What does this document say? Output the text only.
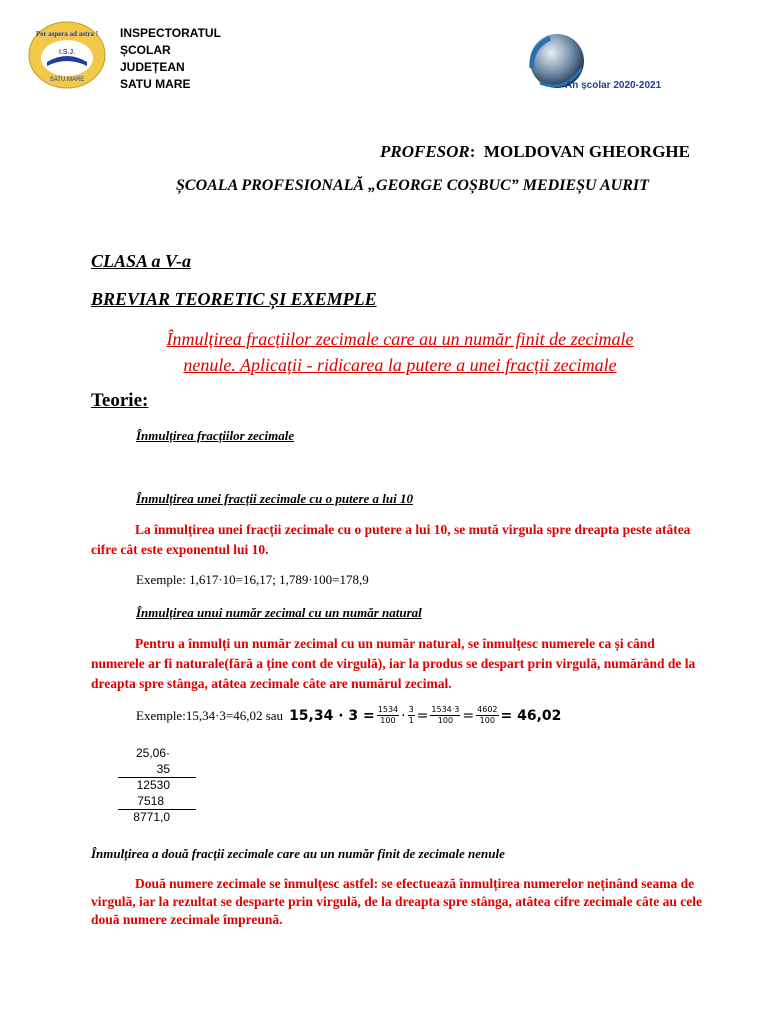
Per aspera ad astra !
I.S.J.
SATU MARE
INSPECTORATUL
ȘCOLAR
JUDEȚEAN
SATU MARE	An școlar 2020-2021
PROFESOR:  MOLDOVAN GHEORGHE
ȘCOALA PROFESIONALĂ „GEORGE COȘBUC” MEDIEȘU AURIT
CLASA a V-a
BREVIAR TEORETIC ȘI EXEMPLE
Înmulțirea fracțiilor zecimale care au un număr finit de zecimale
nenule. Aplicații - ridicarea la putere a unei fracții zecimale
Teorie:
Înmulțirea fracțiilor zecimale
Înmulțirea unei fracții zecimale cu o putere a lui 10
La înmulțirea unei fracții zecimale cu o putere a lui 10, se mută virgula spre dreapta peste atâtea cifre cât este exponentul lui 10.
Exemple: 1,617·10=16,17; 1,789·100=178,9
Înmulțirea unui număr zecimal cu un număr natural
Pentru a înmulți un număr zecimal cu un număr natural, se înmulțesc numerele ca și când numerele ar fi naturale(fără a ține cont de virgulă), iar la produs se despart prin virgulă, numărând de la dreapta spre stânga, atâtea zecimale câte are numărul zecimal.
Exemple:15,34·3=46,02 sau $15,34 \cdot 3 = \frac{1534}{100} \cdot \frac{3}{1} = \frac{1534\cdot 3}{100} = \frac{4602}{100} = 46,02$
25,06·
35
12530
7518
8771,0
Înmulțirea a două fracții zecimale care au un număr finit de zecimale nenule
Două numere zecimale se înmulțesc astfel: se efectuează înmulțirea numerelor neținând seama de virgulă, iar la rezultat se desparte prin virgulă, de la dreapta spre stânga, atâtea cifre zecimale câte au cele două numere zecimale împreună.
